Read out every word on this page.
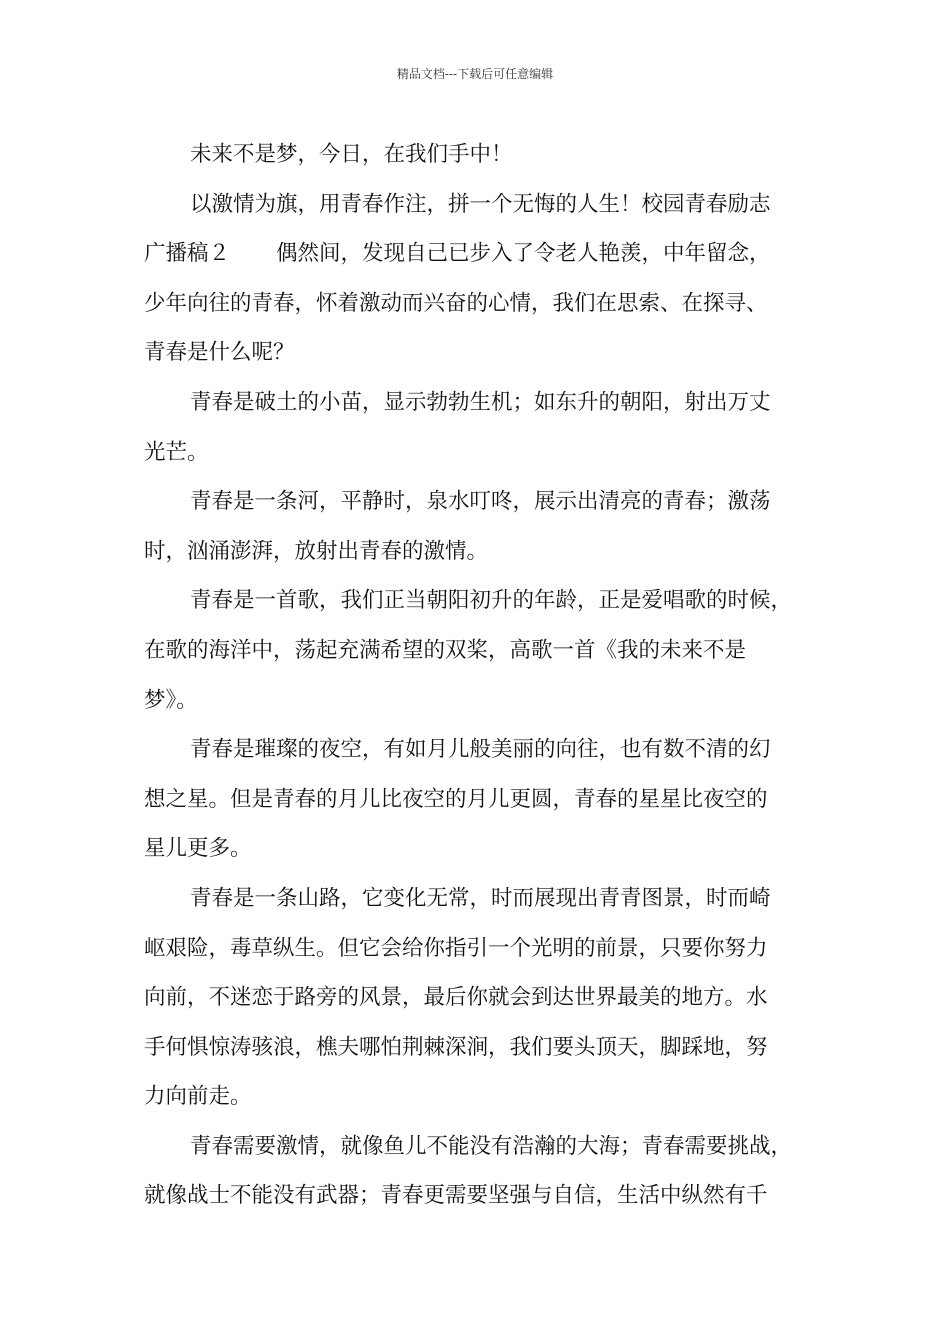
精品文档---下载后可任意编辑
未来不是梦，今日，在我们手中！
以激情为旗，用青春作注，拼一个无悔的人生！校园青春励志
广播稿２ 偶然间，发现自己已步入了令老人艳羡，中年留念，
少年向往的青春，怀着激动而兴奋的心情，我们在思索、在探寻、
青春是什么呢？
青春是破土的小苗，显示勃勃生机；如东升的朝阳，射出万丈
光芒。
青春是一条河，平静时，泉水叮咚，展示出清亮的青春；激荡
时，汹涌澎湃，放射出青春的激情。
青春是一首歌，我们正当朝阳初升的年龄，正是爱唱歌的时候，
在歌的海洋中，荡起充满希望的双桨，高歌一首《我的未来不是
梦》。
青春是璀璨的夜空，有如月儿般美丽的向往，也有数不清的幻
想之星。但是青春的月儿比夜空的月儿更圆，青春的星星比夜空的
星儿更多。
青春是一条山路，它变化无常，时而展现出青青图景，时而崎
岖艰险，毒草纵生。但它会给你指引一个光明的前景，只要你努力
向前，不迷恋于路旁的风景，最后你就会到达世界最美的地方。水
手何惧惊涛骇浪，樵夫哪怕荆棘深涧，我们要头顶天，脚踩地，努
力向前走。
青春需要激情，就像鱼儿不能没有浩瀚的大海；青春需要挑战，
就像战士不能没有武器；青春更需要坚强与自信，生活中纵然有千
